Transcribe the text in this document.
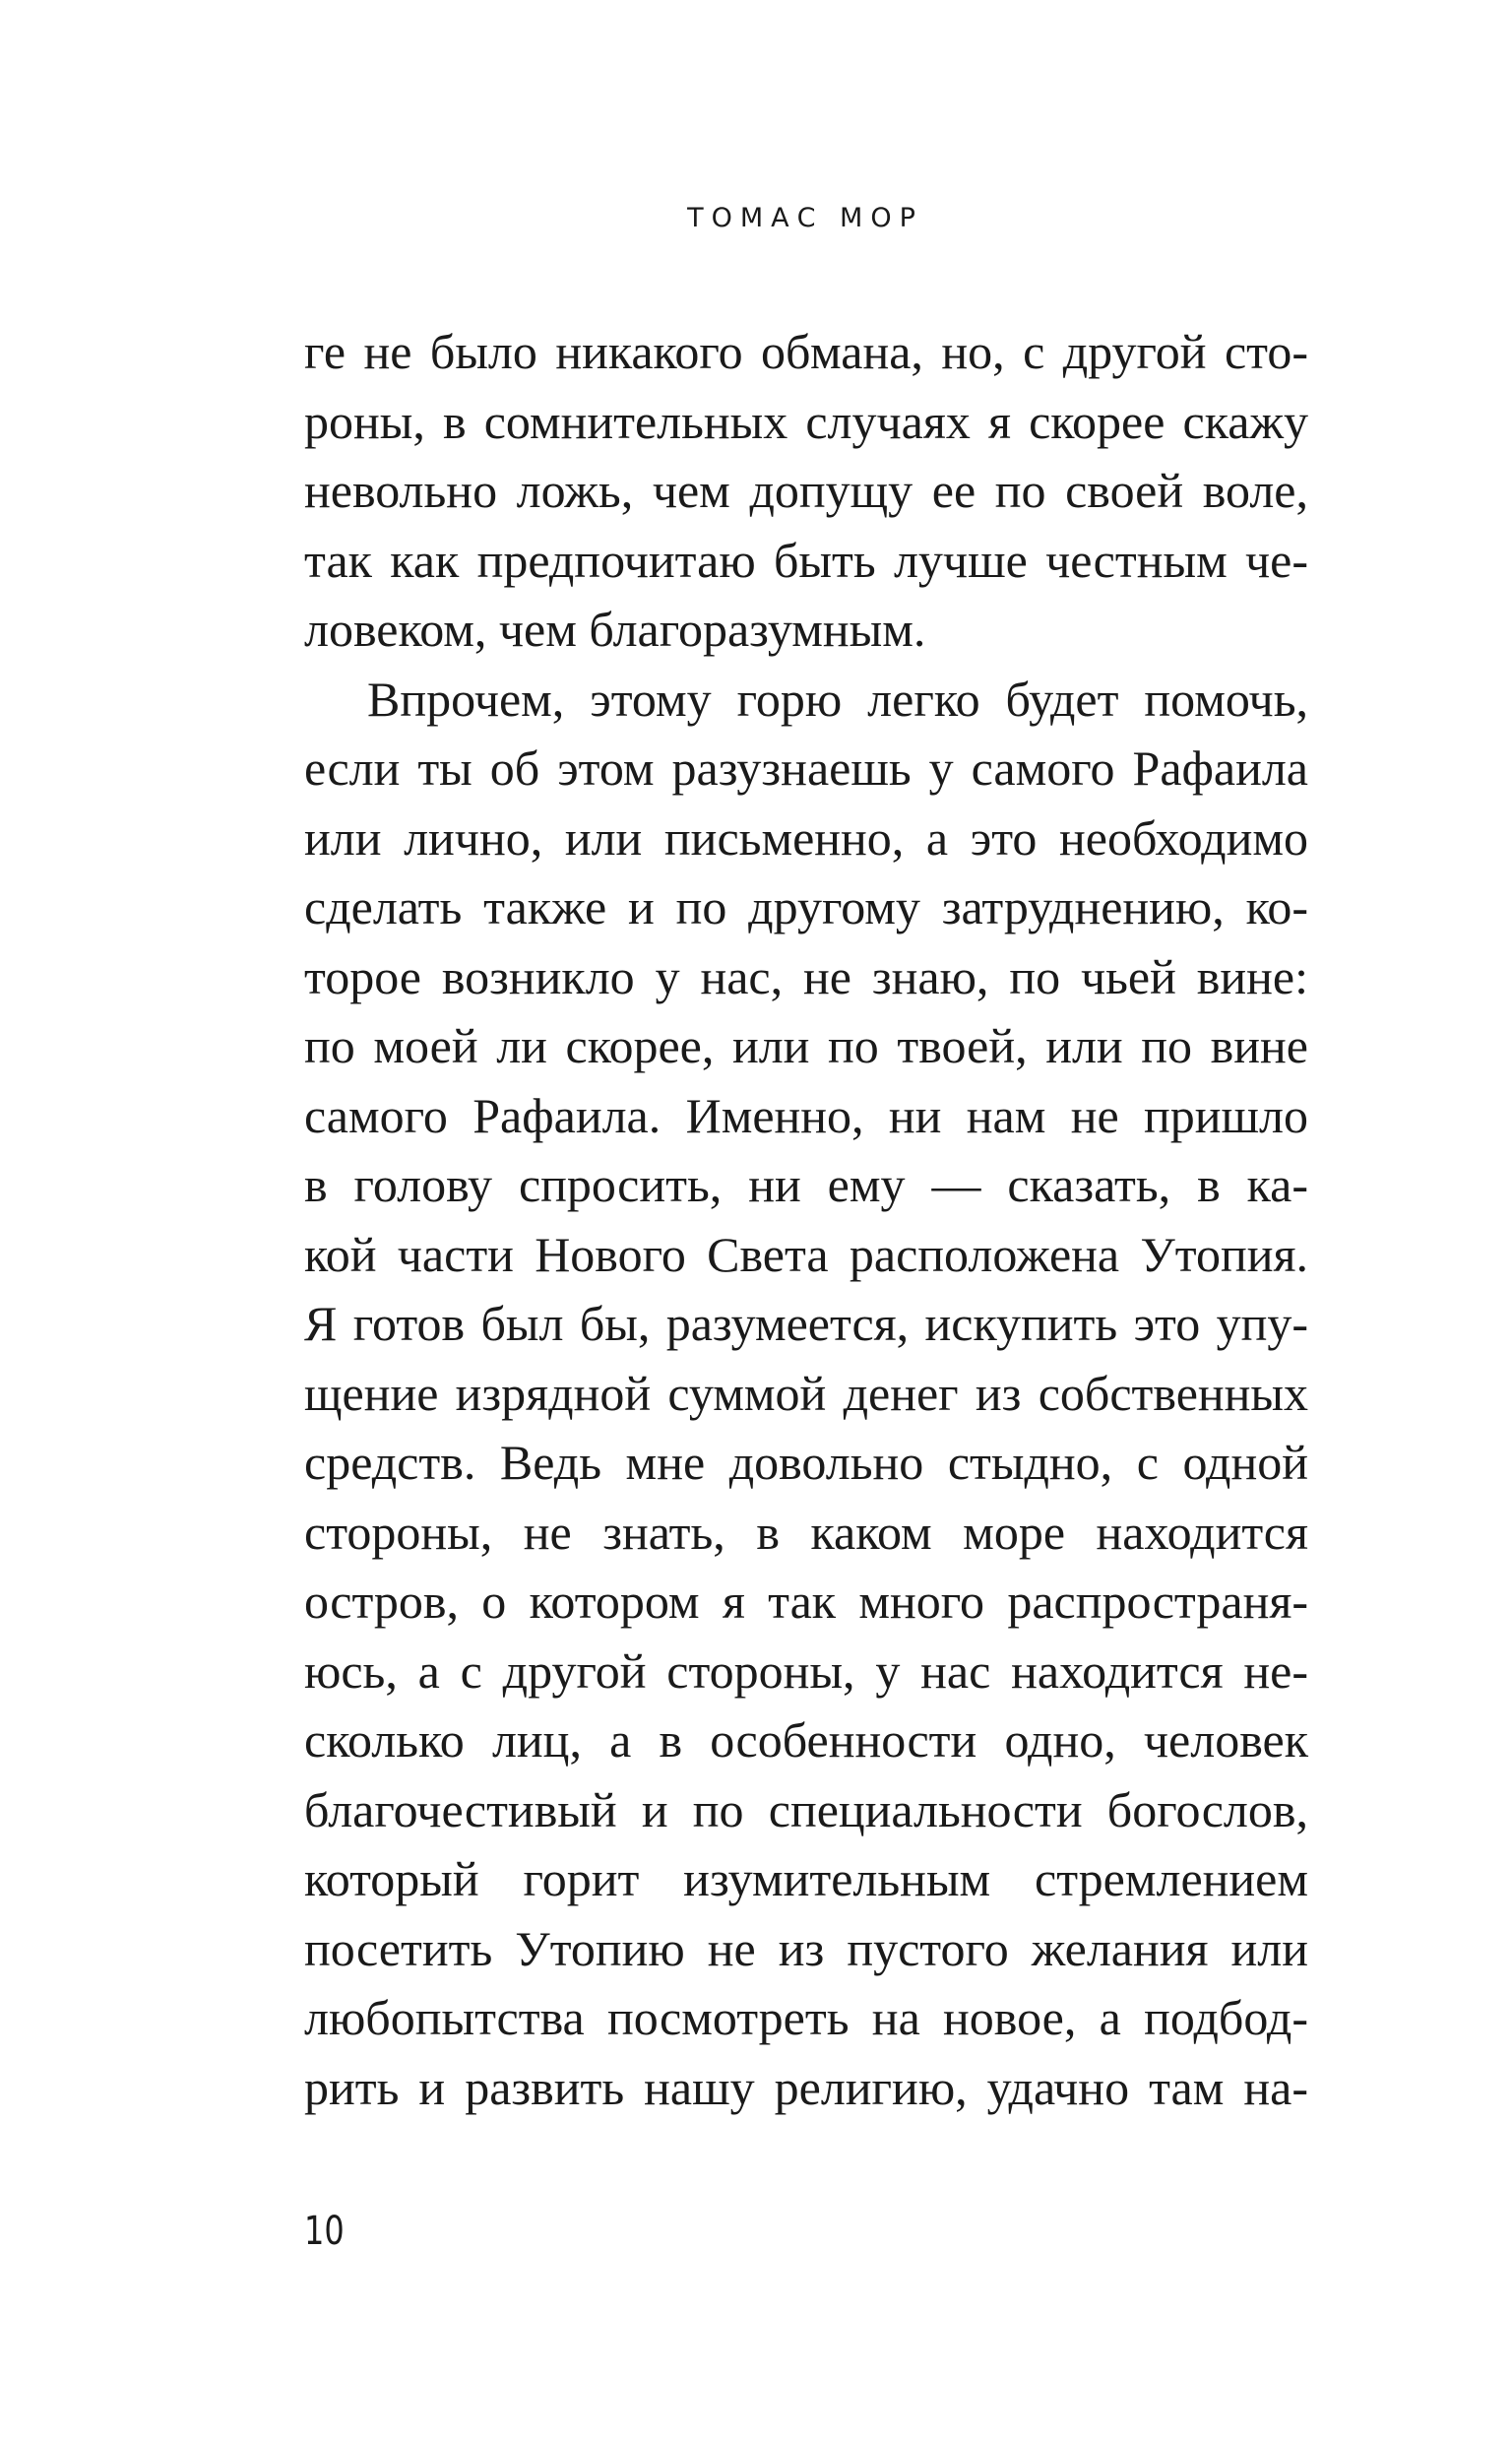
ТОМАС МОР
ге не было никакого обмана, но, с другой сто-
роны, в сомнительных случаях я скорее скажу
невольно ложь, чем допущу ее по своей воле,
так как предпочитаю быть лучше честным че-
ловеком, чем благоразумным.
Впрочем, этому горю легко будет помочь,
если ты об этом разузнаешь у самого Рафаила
или лично, или письменно, а это необходимо
сделать также и по другому затруднению, ко-
торое возникло у нас, не знаю, по чьей вине:
по моей ли скорее, или по твоей, или по вине
самого Рафаила. Именно, ни нам не пришло
в голову спросить, ни ему — сказать, в ка-
кой части Нового Света расположена Утопия.
Я готов был бы, разумеется, искупить это упу-
щение изрядной суммой денег из собственных
средств. Ведь мне довольно стыдно, с одной
стороны, не знать, в каком море находится
остров, о котором я так много распространя-
юсь, а с другой стороны, у нас находится не-
сколько лиц, а в особенности одно, человек
благочестивый и по специальности богослов,
который горит изумительным стремлением
посетить Утопию не из пустого желания или
любопытства посмотреть на новое, а подбод-
рить и развить нашу религию, удачно там на-
10
